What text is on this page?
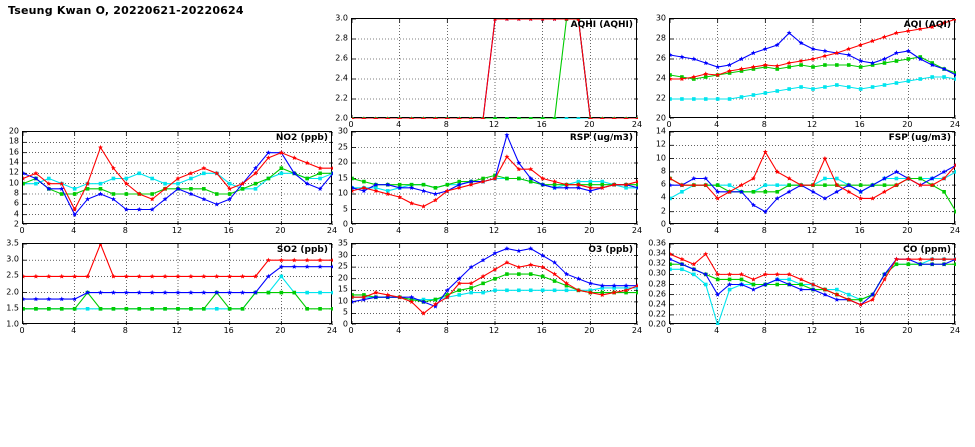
Tseung Kwan O, 20220621-20220624
AQHI (AQHI)
2.0
2.2
2.4
2.6
2.8
3.0
0	4	8	12	16	20	24
AQI (AQI)
20
22
24
26
28
30
0	4	8	12	16	20	24
NO2 (ppb)
2
4
6
8
10
12
14
16
18
20
0	4	8	12	16	20	24
RSP (ug/m3)
0
5
10
15
20
25
30
0	4	8	12	16	20	24
FSP (ug/m3)
0
2
4
6
8
10
12
14
0	4	8	12	16	20	24
SO2 (ppb)
1.0
1.5
2.0
2.5
3.0
3.5
0	4	8	12	16	20	24
O3 (ppb)
0
5
10
15
20
25
30
35
0	4	8	12	16	20	24
CO (ppm)
0.20
0.22
0.24
0.26
0.28
0.30
0.32
0.34
0.36
0	4	8	12	16	20	24
